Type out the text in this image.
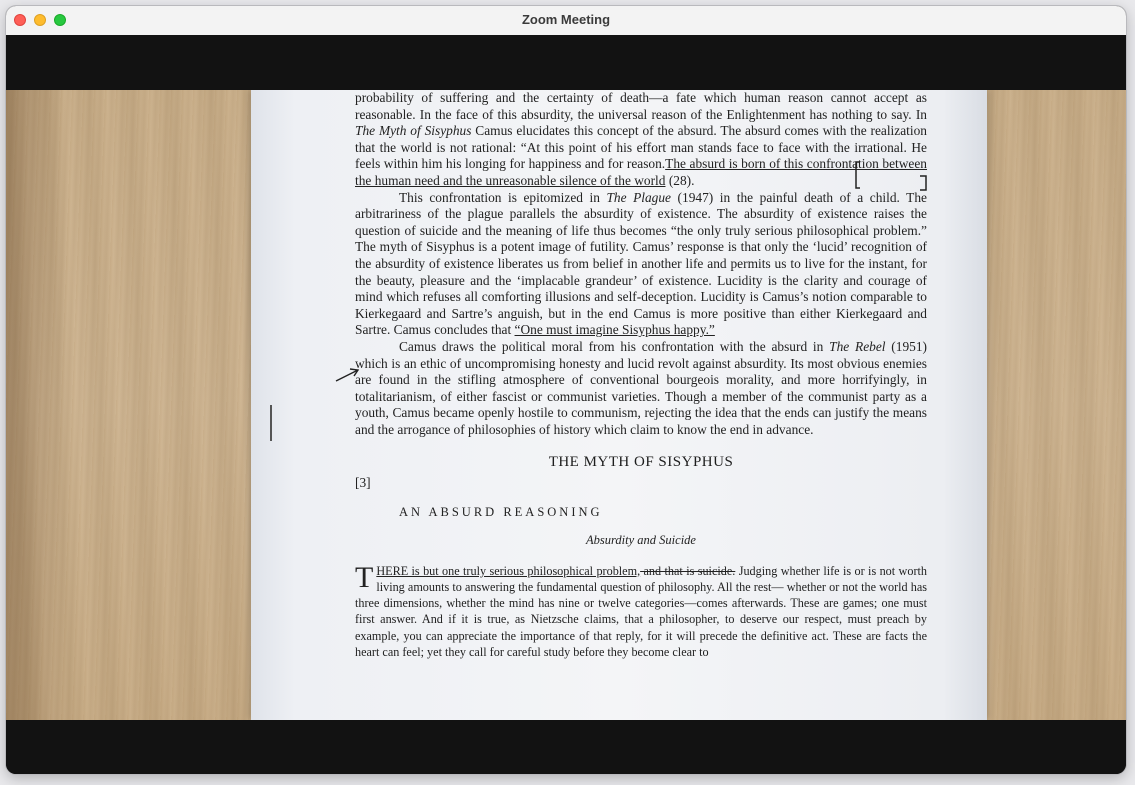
Zoom Meeting

probability of suffering and the certainty of death—a fate which human reason cannot accept as reasonable. In the face of this absurdity, the universal reason of the Enlightenment has nothing to say. In The Myth of Sisyphus Camus elucidates this concept of the absurd. The absurd comes with the realization that the world is not rational: “At this point of his effort man stands face to face with the irrational. He feels within him his longing for happiness and for reason.The absurd is born of this confrontation between the human need and the unreasonable silence of the world (28).

This confrontation is epitomized in The Plague (1947) in the painful death of a child. The arbitrariness of the plague parallels the absurdity of existence. The absurdity of existence raises the question of suicide and the meaning of life thus becomes “the only truly serious philosophical problem.” The myth of Sisyphus is a potent image of futility. Camus’ response is that only the ‘lucid’ recognition of the absurdity of existence liberates us from belief in another life and permits us to live for the instant, for the beauty, pleasure and the ‘implacable grandeur’ of existence. Lucidity is the clarity and courage of mind which refuses all comforting illusions and self-deception. Lucidity is Camus’s notion comparable to Kierkegaard and Sartre’s anguish, but in the end Camus is more positive than either Kierkegaard and Sartre. Camus concludes that “One must imagine Sisyphus happy.”

Camus draws the political moral from his confrontation with the absurd in The Rebel (1951) which is an ethic of uncompromising honesty and lucid revolt against absurdity. Its most obvious enemies are found in the stifling atmosphere of conventional bourgeois morality, and more horrifyingly, in totalitarianism, of either fascist or communist varieties. Though a member of the communist party as a youth, Camus became openly hostile to communism, rejecting the idea that the ends can justify the means and the arrogance of philosophies of history which claim to know the end in advance.

THE MYTH OF SISYPHUS
[3]
AN ABSURD REASONING
Absurdity and Suicide

THERE is but one truly serious philosophical problem, and that is suicide. Judging whether life is or is not worth living amounts to answering the fundamental question of philosophy. All the rest— whether or not the world has three dimensions, whether the mind has nine or twelve categories—comes afterwards. These are games; one must first answer. And if it is true, as Nietzsche claims, that a philosopher, to deserve our respect, must preach by example, you can appreciate the importance of that reply, for it will precede the definitive act. These are facts the heart can feel; yet they call for careful study before they become clear to
